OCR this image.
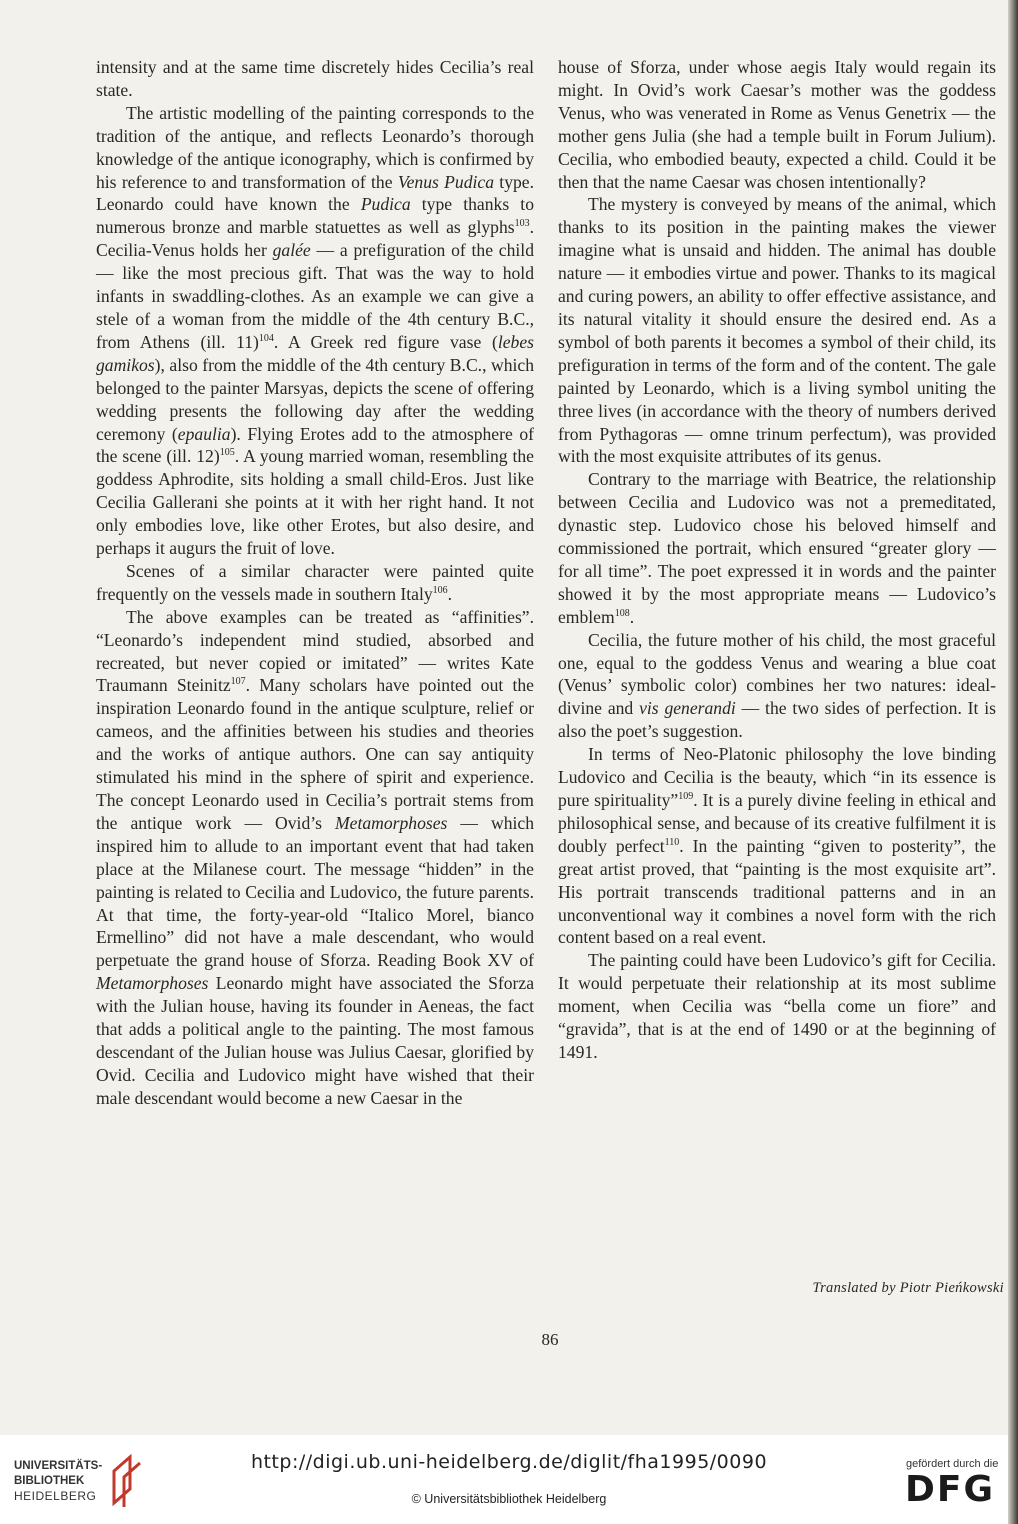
intensity and at the same time discretely hides Cecilia’s real state.

The artistic modelling of the painting corresponds to the tradition of the antique, and reflects Leonardo’s thorough knowledge of the antique iconography, which is confirmed by his reference to and transformation of the Venus Pudica type. Leonardo could have known the Pudica type thanks to numerous bronze and marble statuettes as well as glyphs$^{103}$. Cecilia-Venus holds her galée — a prefiguration of the child — like the most precious gift. That was the way to hold infants in swaddling-clothes. As an example we can give a stele of a woman from the middle of the 4th century B.C., from Athens (ill. 11)$^{104}$. A Greek red figure vase (lebes gamikos), also from the middle of the 4th century B.C., which belonged to the painter Marsyas, depicts the scene of offering wedding presents the following day after the wedding ceremony (epaulia). Flying Erotes add to the atmosphere of the scene (ill. 12)$^{105}$. A young married woman, resembling the goddess Aphrodite, sits holding a small child-Eros. Just like Cecilia Gallerani she points at it with her right hand. It not only embodies love, like other Erotes, but also desire, and perhaps it augurs the fruit of love.

Scenes of a similar character were painted quite frequently on the vessels made in southern Italy$^{106}$.

The above examples can be treated as “affinities”. “Leonardo’s independent mind studied, absorbed and recreated, but never copied or imitated” — writes Kate Traumann Steinitz$^{107}$. Many scholars have pointed out the inspiration Leonardo found in the antique sculpture, relief or cameos, and the affinities between his studies and theories and the works of antique authors. One can say antiquity stimulated his mind in the sphere of spirit and experience. The concept Leonardo used in Cecilia’s portrait stems from the antique work — Ovid’s Metamorphoses — which inspired him to allude to an important event that had taken place at the Milanese court. The message “hidden” in the painting is related to Cecilia and Ludovico, the future parents. At that time, the forty-year-old “Italico Morel, bianco Ermellino” did not have a male descendant, who would perpetuate the grand house of Sforza. Reading Book XV of Metamorphoses Leonardo might have associated the Sforza with the Julian house, having its founder in Aeneas, the fact that adds a political angle to the painting. The most famous descendant of the Julian house was Julius Caesar, glorified by Ovid. Cecilia and Ludovico might have wished that their male descendant would become a new Caesar in the

house of Sforza, under whose aegis Italy would regain its might. In Ovid’s work Caesar’s mother was the goddess Venus, who was venerated in Rome as Venus Genetrix — the mother gens Julia (she had a temple built in Forum Julium). Cecilia, who embodied beauty, expected a child. Could it be then that the name Caesar was chosen intentionally?

The mystery is conveyed by means of the animal, which thanks to its position in the painting makes the viewer imagine what is unsaid and hidden. The animal has double nature — it embodies virtue and power. Thanks to its magical and curing powers, an ability to offer effective assistance, and its natural vitality it should ensure the desired end. As a symbol of both parents it becomes a symbol of their child, its prefiguration in terms of the form and of the content. The gale painted by Leonardo, which is a living symbol uniting the three lives (in accordance with the theory of numbers derived from Pythagoras — omne trinum perfectum), was provided with the most exquisite attributes of its genus.

Contrary to the marriage with Beatrice, the relationship between Cecilia and Ludovico was not a premeditated, dynastic step. Ludovico chose his beloved himself and commissioned the portrait, which ensured “greater glory — for all time”. The poet expressed it in words and the painter showed it by the most appropriate means — Ludovico’s emblem$^{108}$.

Cecilia, the future mother of his child, the most graceful one, equal to the goddess Venus and wearing a blue coat (Venus’ symbolic color) combines her two natures: ideal-divine and vis generandi — the two sides of perfection. It is also the poet’s suggestion.

In terms of Neo-Platonic philosophy the love binding Ludovico and Cecilia is the beauty, which “in its essence is pure spirituality”$^{109}$. It is a purely divine feeling in ethical and philosophical sense, and because of its creative fulfilment it is doubly perfect$^{110}$. In the painting “given to posterity”, the great artist proved, that “painting is the most exquisite art”. His portrait transcends traditional patterns and in an unconventional way it combines a novel form with the rich content based on a real event.

The painting could have been Ludovico’s gift for Cecilia. It would perpetuate their relationship at its most sublime moment, when Cecilia was “bella come un fiore” and “gravida”, that is at the end of 1490 or at the beginning of 1491.

Translated by Piotr Pieńkowski
86
UNIVERSITÄTS-
BIBLIOTHEK
HEIDELBERG
http://digi.ub.uni-heidelberg.de/diglit/fha1995/0090
© Universitätsbibliothek Heidelberg
gefördert durch die
DFG
